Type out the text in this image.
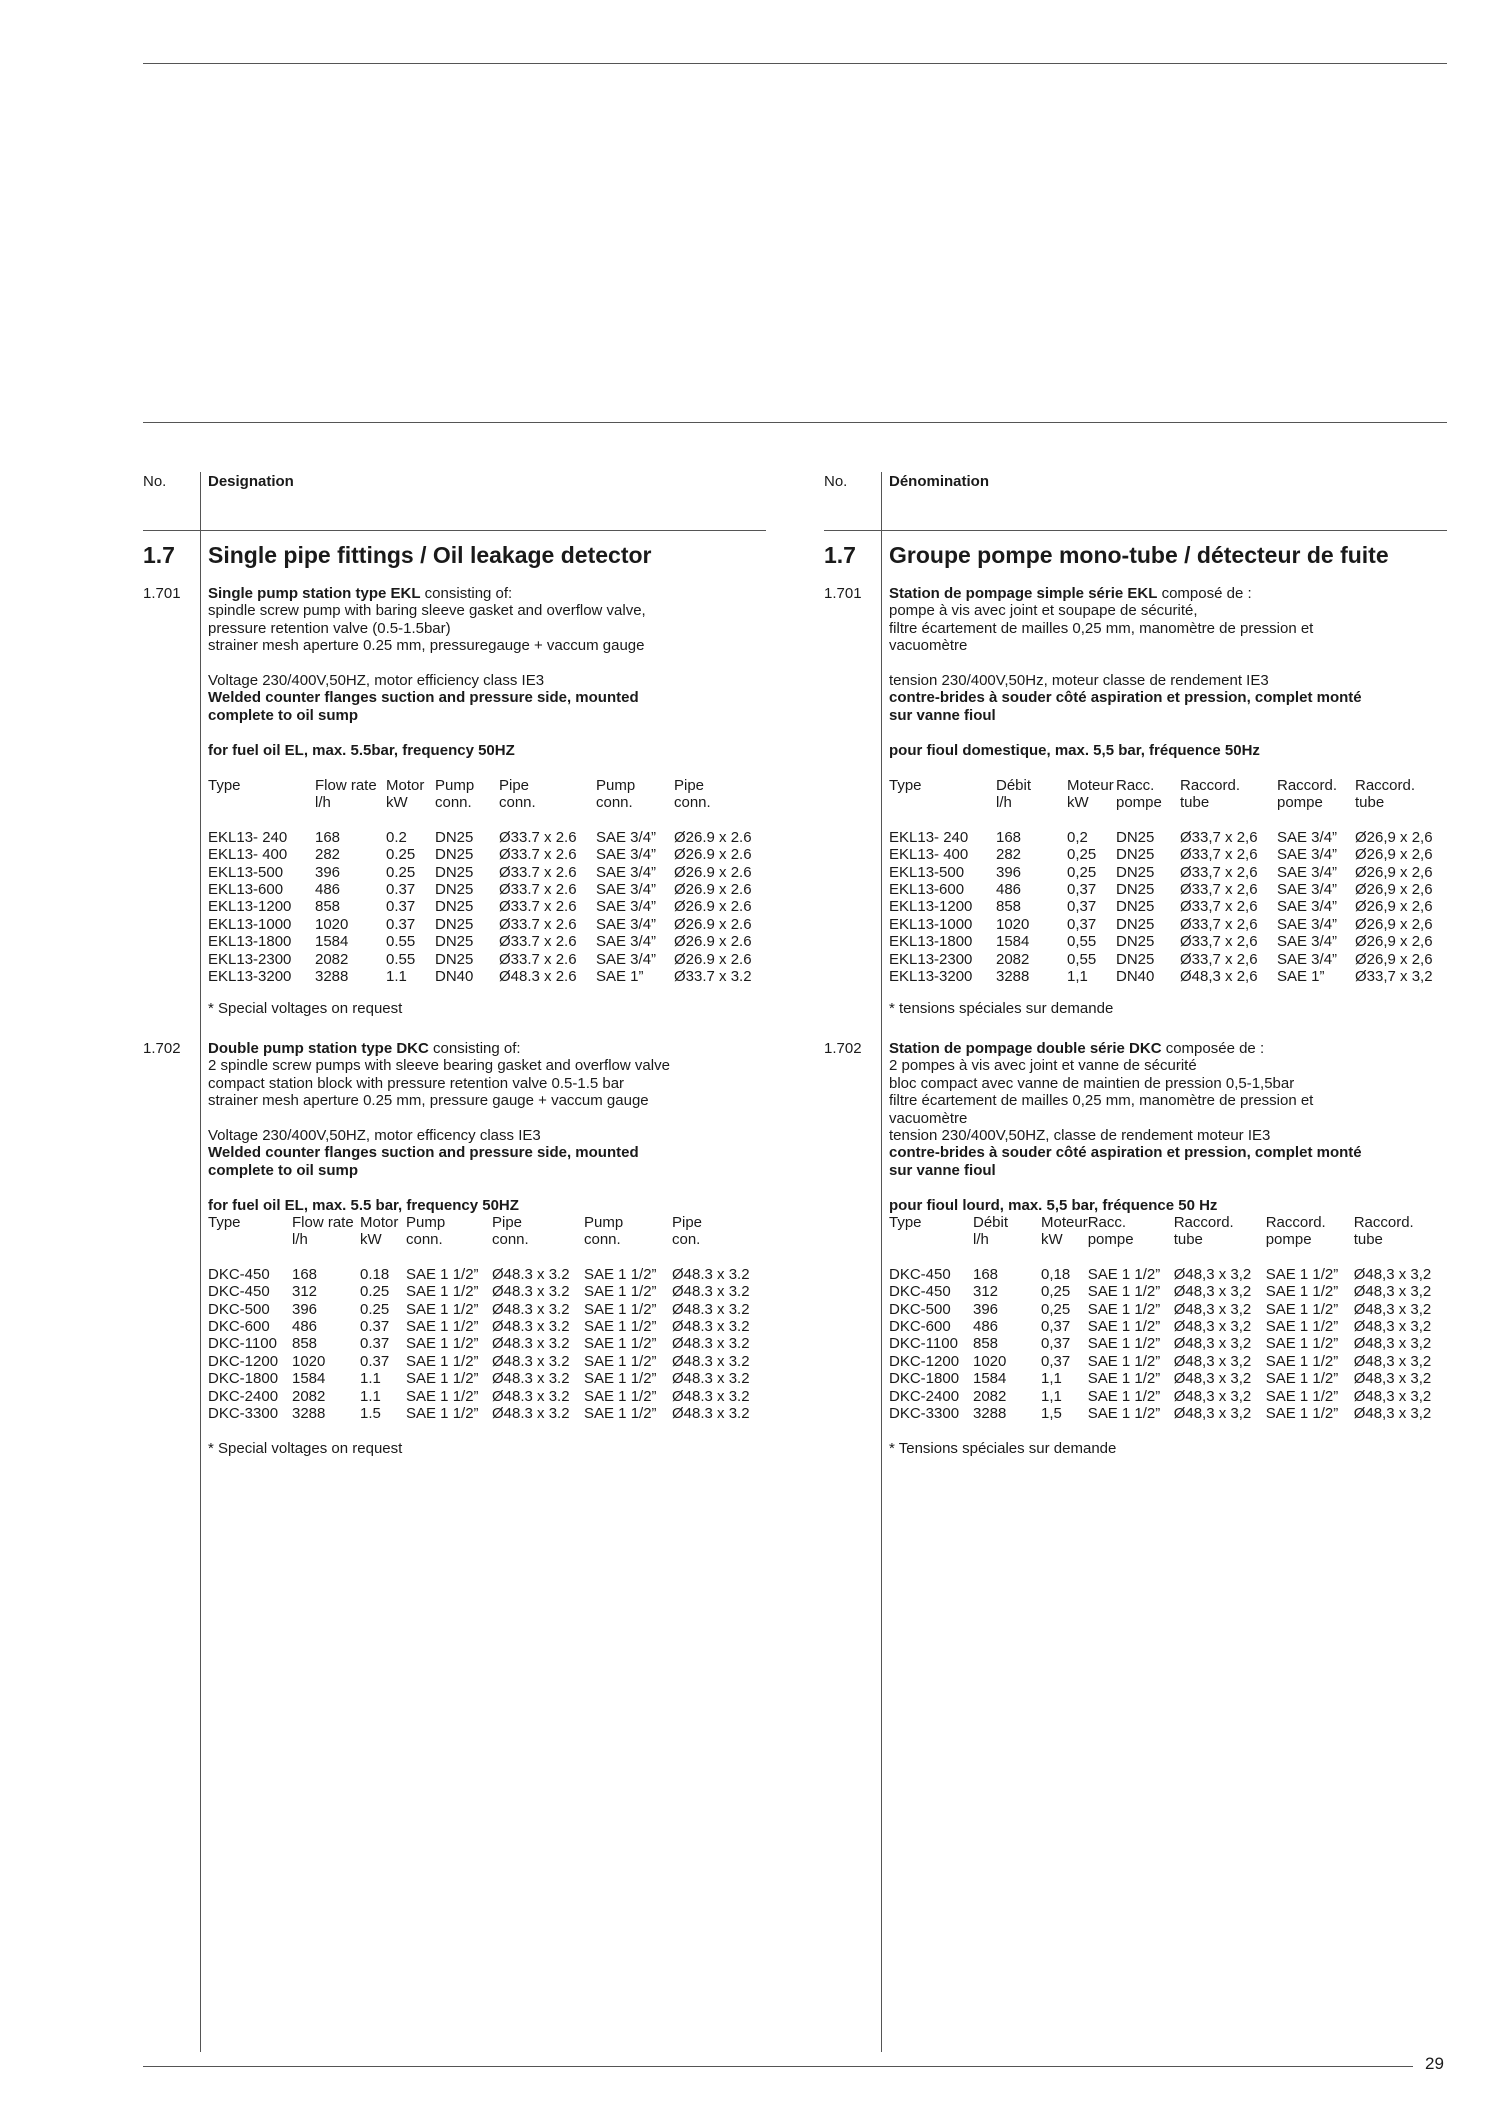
29
No.	Designation
1.7 Single pipe fittings / Oil leakage detector
1.701 Single pump station type EKL consisting of:
spindle screw pump with baring sleeve gasket and overflow valve,
pressure retention valve (0.5-1.5bar)
strainer mesh aperture 0.25 mm, pressuregauge + vaccum gauge
Voltage 230/400V,50HZ, motor efficiency class IE3
Welded counter flanges suction and pressure side, mounted
complete to oil sump
for fuel oil EL, max. 5.5bar, frequency 50HZ
Type	Flow rate	Motor	Pump	Pipe	Pump	Pipe
	l/h	kW	conn.	conn.	conn.	conn.

EKL13- 240	168	0.2	DN25	Ø33.7 x 2.6	SAE 3/4”	Ø26.9 x 2.6
EKL13- 400	282	0.25	DN25	Ø33.7 x 2.6	SAE 3/4”	Ø26.9 x 2.6
EKL13-500	396	0.25	DN25	Ø33.7 x 2.6	SAE 3/4”	Ø26.9 x 2.6
EKL13-600	486	0.37	DN25	Ø33.7 x 2.6	SAE 3/4”	Ø26.9 x 2.6
EKL13-1200	858	0.37	DN25	Ø33.7 x 2.6	SAE 3/4”	Ø26.9 x 2.6
EKL13-1000	1020	0.37	DN25	Ø33.7 x 2.6	SAE 3/4”	Ø26.9 x 2.6
EKL13-1800	1584	0.55	DN25	Ø33.7 x 2.6	SAE 3/4”	Ø26.9 x 2.6
EKL13-2300	2082	0.55	DN25	Ø33.7 x 2.6	SAE 3/4”	Ø26.9 x 2.6
EKL13-3200	3288	1.1	DN40	Ø48.3 x 2.6	SAE 1”	Ø33.7 x 3.2
* Special voltages on request
1.702 Double pump station type DKC consisting of:
2 spindle screw pumps with sleeve bearing gasket and overflow valve
compact station block with pressure retention valve 0.5-1.5 bar
strainer mesh aperture 0.25 mm, pressure gauge + vaccum gauge
Voltage 230/400V,50HZ, motor efficency class IE3
Welded counter flanges suction and pressure side, mounted
complete to oil sump
for fuel oil EL, max. 5.5 bar, frequency 50HZ
Type	Flow rate	Motor	Pump	Pipe	Pump	Pipe
	l/h	kW	conn.	conn.	conn.	con.

DKC-450	168	0.18	SAE 1 1/2”	Ø48.3 x 3.2	SAE 1 1/2”	Ø48.3 x 3.2
DKC-450	312	0.25	SAE 1 1/2”	Ø48.3 x 3.2	SAE 1 1/2”	Ø48.3 x 3.2
DKC-500	396	0.25	SAE 1 1/2”	Ø48.3 x 3.2	SAE 1 1/2”	Ø48.3 x 3.2
DKC-600	486	0.37	SAE 1 1/2”	Ø48.3 x 3.2	SAE 1 1/2”	Ø48.3 x 3.2
DKC-1100	858	0.37	SAE 1 1/2”	Ø48.3 x 3.2	SAE 1 1/2”	Ø48.3 x 3.2
DKC-1200	1020	0.37	SAE 1 1/2”	Ø48.3 x 3.2	SAE 1 1/2”	Ø48.3 x 3.2
DKC-1800	1584	1.1	SAE 1 1/2”	Ø48.3 x 3.2	SAE 1 1/2”	Ø48.3 x 3.2
DKC-2400	2082	1.1	SAE 1 1/2”	Ø48.3 x 3.2	SAE 1 1/2”	Ø48.3 x 3.2
DKC-3300	3288	1.5	SAE 1 1/2”	Ø48.3 x 3.2	SAE 1 1/2”	Ø48.3 x 3.2
* Special voltages on request
No.	Dénomination
1.7 Groupe pompe mono-tube / détecteur de fuite
1.701 Station de pompage simple série EKL composé de :
pompe à vis avec joint et soupape de sécurité,
filtre écartement de mailles 0,25 mm, manomètre de pression et
vacuomètre
tension 230/400V,50Hz, moteur classe de rendement IE3
contre-brides à souder côté aspiration et pression, complet monté
sur vanne fioul
pour fioul domestique, max. 5,5 bar, fréquence 50Hz
Type	Débit	Moteur	Racc.	Raccord.	Raccord.	Raccord.
	l/h	kW	pompe	tube	pompe	tube

EKL13- 240	168	0,2	DN25	Ø33,7 x 2,6	SAE 3/4”	Ø26,9 x 2,6
EKL13- 400	282	0,25	DN25	Ø33,7 x 2,6	SAE 3/4”	Ø26,9 x 2,6
EKL13-500	396	0,25	DN25	Ø33,7 x 2,6	SAE 3/4”	Ø26,9 x 2,6
EKL13-600	486	0,37	DN25	Ø33,7 x 2,6	SAE 3/4”	Ø26,9 x 2,6
EKL13-1200	858	0,37	DN25	Ø33,7 x 2,6	SAE 3/4”	Ø26,9 x 2,6
EKL13-1000	1020	0,37	DN25	Ø33,7 x 2,6	SAE 3/4”	Ø26,9 x 2,6
EKL13-1800	1584	0,55	DN25	Ø33,7 x 2,6	SAE 3/4”	Ø26,9 x 2,6
EKL13-2300	2082	0,55	DN25	Ø33,7 x 2,6	SAE 3/4”	Ø26,9 x 2,6
EKL13-3200	3288	1,1	DN40	Ø48,3 x 2,6	SAE 1”	Ø33,7 x 3,2
* tensions spéciales sur demande
1.702 Station de pompage double série DKC composée de :
2 pompes à vis avec joint et vanne de sécurité
bloc compact avec vanne de maintien de pression 0,5-1,5bar
filtre écartement de mailles 0,25 mm, manomètre de pression et
vacuomètre
tension 230/400V,50HZ, classe de rendement moteur IE3
contre-brides à souder côté aspiration et pression, complet monté
sur vanne fioul
pour fioul lourd, max. 5,5 bar, fréquence 50 Hz
Type	Débit	Moteur	Racc.	Raccord.	Raccord.	Raccord.
	l/h	kW	pompe	tube	pompe	tube

DKC-450	168	0,18	SAE 1 1/2”	Ø48,3 x 3,2	SAE 1 1/2”	Ø48,3 x 3,2
DKC-450	312	0,25	SAE 1 1/2”	Ø48,3 x 3,2	SAE 1 1/2”	Ø48,3 x 3,2
DKC-500	396	0,25	SAE 1 1/2”	Ø48,3 x 3,2	SAE 1 1/2”	Ø48,3 x 3,2
DKC-600	486	0,37	SAE 1 1/2”	Ø48,3 x 3,2	SAE 1 1/2”	Ø48,3 x 3,2
DKC-1100	858	0,37	SAE 1 1/2”	Ø48,3 x 3,2	SAE 1 1/2”	Ø48,3 x 3,2
DKC-1200	1020	0,37	SAE 1 1/2”	Ø48,3 x 3,2	SAE 1 1/2”	Ø48,3 x 3,2
DKC-1800	1584	1,1	SAE 1 1/2”	Ø48,3 x 3,2	SAE 1 1/2”	Ø48,3 x 3,2
DKC-2400	2082	1,1	SAE 1 1/2”	Ø48,3 x 3,2	SAE 1 1/2”	Ø48,3 x 3,2
DKC-3300	3288	1,5	SAE 1 1/2”	Ø48,3 x 3,2	SAE 1 1/2”	Ø48,3 x 3,2
* Tensions spéciales sur demande
